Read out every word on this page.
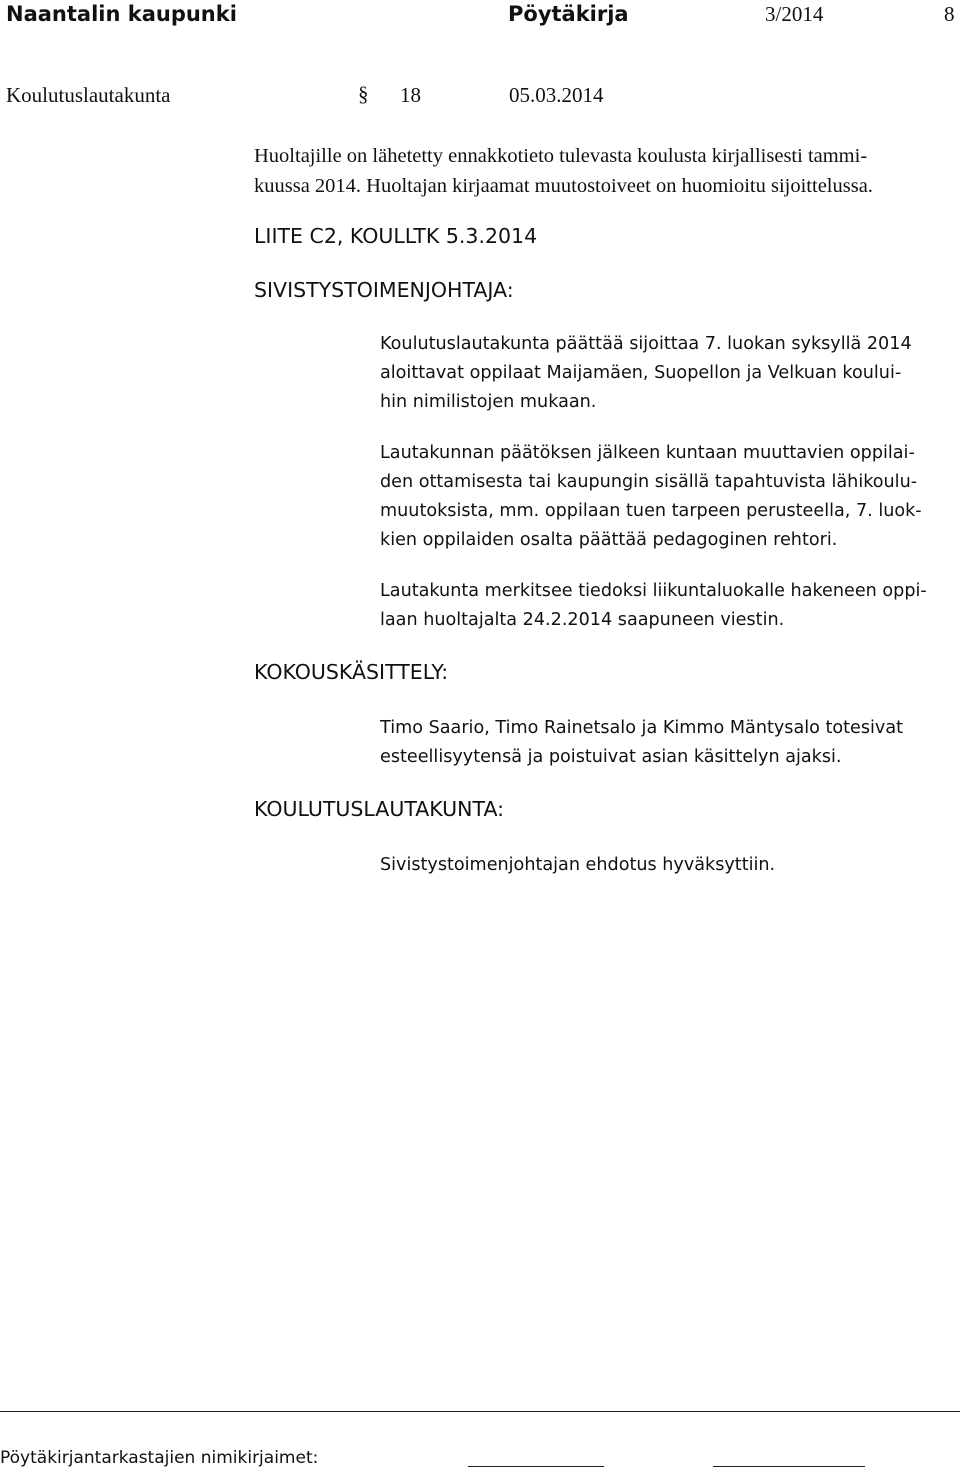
Naantalin kaupunki	Pöytäkirja	3/2014	8
Koulutuslautakunta	§ 18	05.03.2014
Huoltajille on lähetetty ennakkotieto tulevasta koulusta kirjallisesti tammi-
kuussa 2014. Huoltajan kirjaamat muutostoiveet on huomioitu sijoittelussa.
LIITE C2, KOULLTK 5.3.2014
SIVISTYSTOIMENJOHTAJA:
Koulutuslautakunta päättää sijoittaa 7. luokan syksyllä 2014
aloittavat oppilaat Maijamäen, Suopellon ja Velkuan koului-
hin nimilistojen mukaan.
Lautakunnan päätöksen jälkeen kuntaan muuttavien oppilai-
den ottamisesta tai kaupungin sisällä tapahtuvista lähikoulu-
muutoksista, mm. oppilaan tuen tarpeen perusteella, 7. luok-
kien oppilaiden osalta päättää pedagoginen rehtori.
Lautakunta merkitsee tiedoksi liikuntaluokalle hakeneen oppi-
laan huoltajalta 24.2.2014 saapuneen viestin.
KOKOUSKÄSITTELY:
Timo Saario, Timo Rainetsalo ja Kimmo Mäntysalo totesivat
esteellisyytensä ja poistuivat asian käsittelyn ajaksi.
KOULUTUSLAUTAKUNTA:
Sivistystoimenjohtajan ehdotus hyväksyttiin.
Pöytäkirjantarkastajien nimikirjaimet:
